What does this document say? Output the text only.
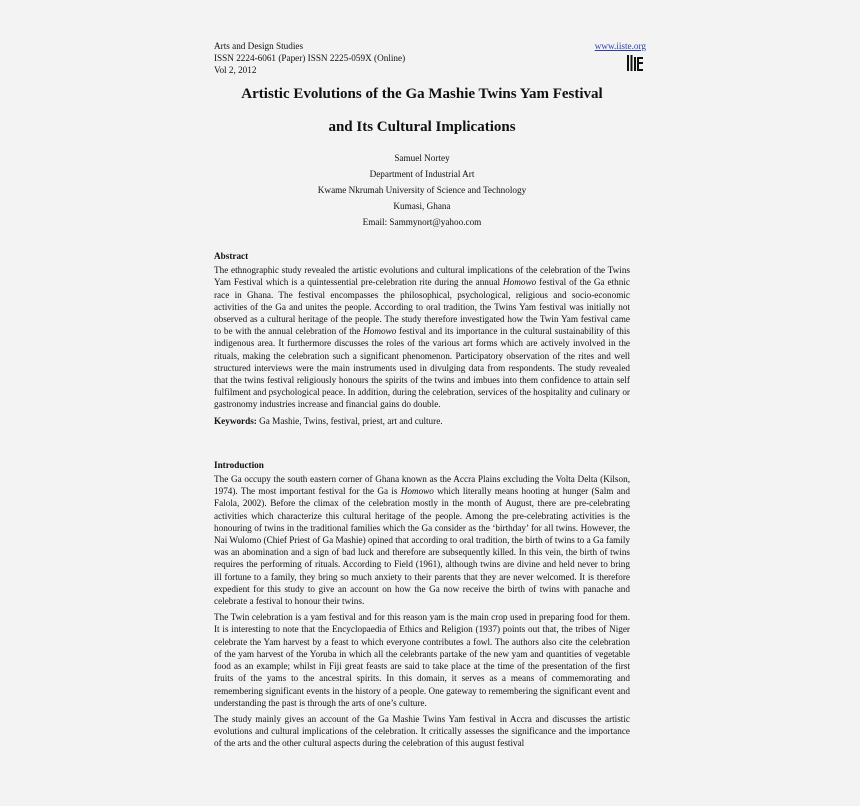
Arts and Design Studies
ISSN 2224-6061 (Paper) ISSN 2225-059X (Online)
Vol 2, 2012
www.iiste.org
Artistic Evolutions of the Ga Mashie Twins Yam Festival
and Its Cultural Implications
Samuel Nortey
Department of Industrial Art
Kwame Nkrumah University of Science and Technology
Kumasi, Ghana
Email: Sammynort@yahoo.com
Abstract

The ethnographic study revealed the artistic evolutions and cultural implications of the celebration of the Twins Yam Festival which is a quintessential pre-celebration rite during the annual Homowo festival of the Ga ethnic race in Ghana. The festival encompasses the philosophical, psychological, religious and socio-economic activities of the Ga and unites the people. According to oral tradition, the Twins Yam festival was initially not observed as a cultural heritage of the people. The study therefore investigated how the Twin Yam festival came to be with the annual celebration of the Homowo festival and its importance in the cultural sustainability of this indigenous area. It furthermore discusses the roles of the various art forms which are actively involved in the rituals, making the celebration such a significant phenomenon. Participatory observation of the rites and well structured interviews were the main instruments used in divulging data from respondents. The study revealed that the twins festival religiously honours the spirits of the twins and imbues into them confidence to attain self fulfilment and psychological peace. In addition, during the celebration, services of the hospitality and culinary or gastronomy industries increase and financial gains do double.

Keywords: Ga Mashie, Twins, festival, priest, art and culture.

Introduction

The Ga occupy the south eastern corner of Ghana known as the Accra Plains excluding the Volta Delta (Kilson, 1974). The most important festival for the Ga is Homowo which literally means hooting at hunger (Salm and Falola, 2002). Before the climax of the celebration mostly in the month of August, there are pre-celebrating activities which characterize this cultural heritage of the people. Among the pre-celebrating activities is the honouring of twins in the traditional families which the Ga consider as the ‘birthday’ for all twins. However, the Nai Wulomo (Chief Priest of Ga Mashie) opined that according to oral tradition, the birth of twins to a Ga family was an abomination and a sign of bad luck and therefore are subsequently killed. In this vein, the birth of twins requires the performing of rituals. According to Field (1961), although twins are divine and held never to bring ill fortune to a family, they bring so much anxiety to their parents that they are never welcomed. It is therefore expedient for this study to give an account on how the Ga now receive the birth of twins with panache and celebrate a festival to honour their twins.

The Twin celebration is a yam festival and for this reason yam is the main crop used in preparing food for them. It is interesting to note that the Encyclopaedia of Ethics and Religion (1937) points out that, the tribes of Niger celebrate the Yam harvest by a feast to which everyone contributes a fowl. The authors also cite the celebration of the yam harvest of the Yoruba in which all the celebrants partake of the new yam and quantities of vegetable food as an example; whilst in Fiji great feasts are said to take place at the time of the presentation of the first fruits of the yams to the ancestral spirits. In this domain, it serves as a means of commemorating and remembering significant events in the history of a people. One gateway to remembering the significant event and understanding the past is through the arts of one’s culture.

The study mainly gives an account of the Ga Mashie Twins Yam festival in Accra and discusses the artistic evolutions and cultural implications of the celebration. It critically assesses the significance and the importance of the arts and the other cultural aspects during the celebration of this august festival
